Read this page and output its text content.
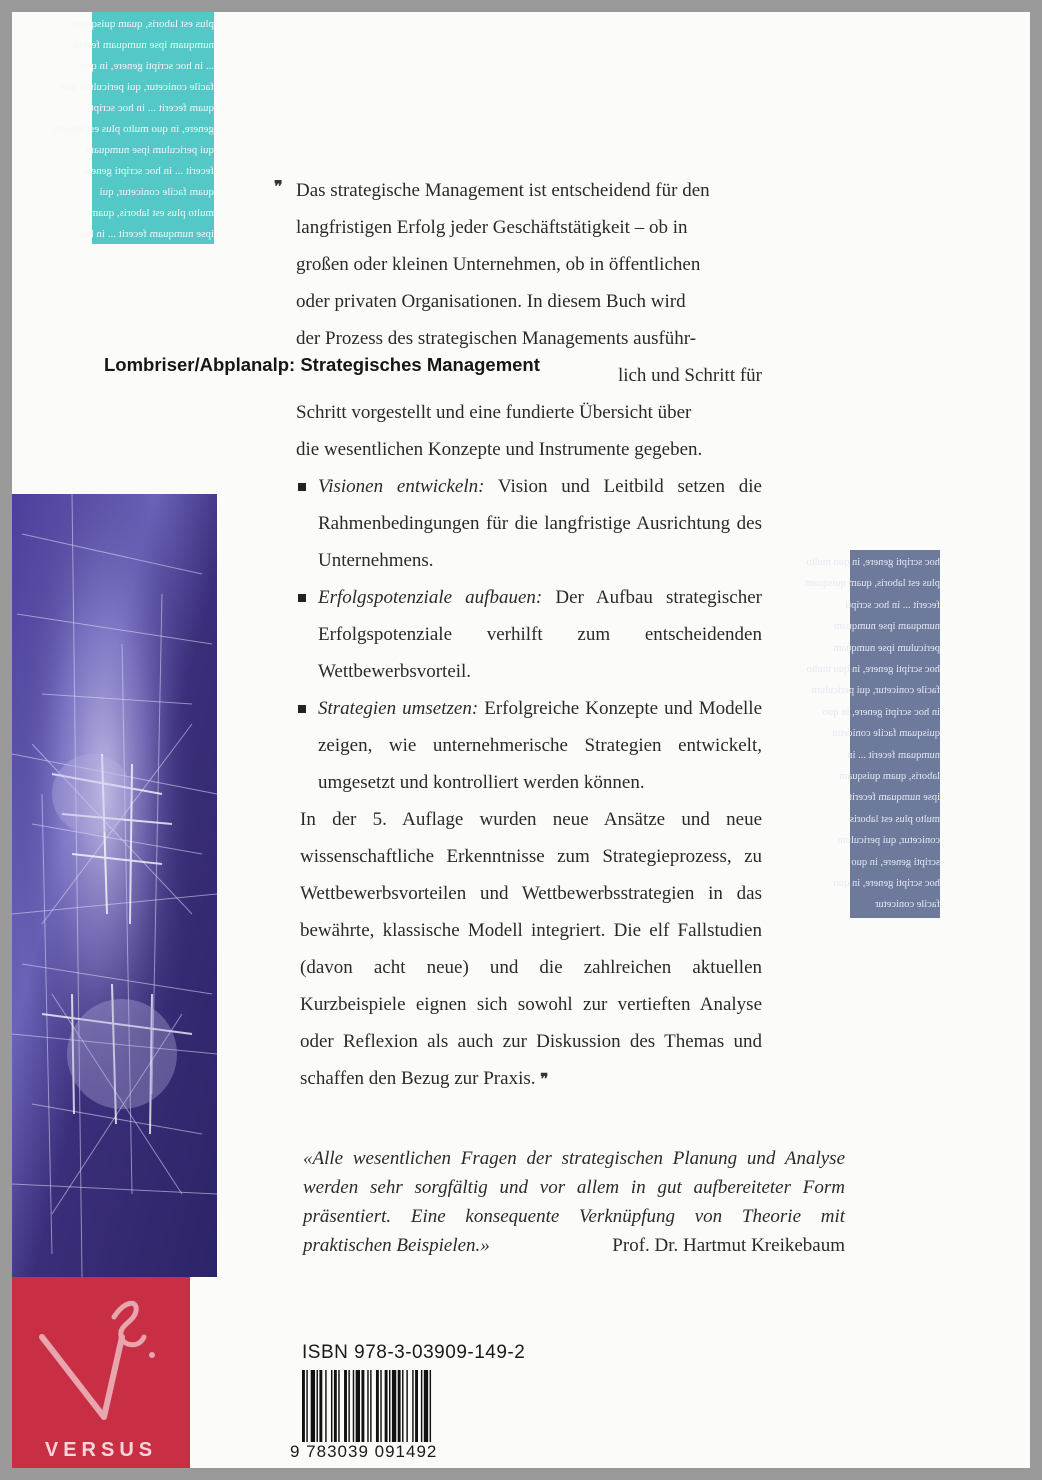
plus est laboris, quam quisquam
numquam ipse numquam fecerit
... in hoc scripti genere, in quo
facile conicetur, qui periculum ipse
quam fecerit ... in hoc scripti
genere, in quo multo plus est laboris
qui periculum ipse numquam
fecerit ... in hoc scripti genere
quam facile conicetur, qui
multo plus est laboris, quam
ipse numquam fecerit ... in hoc
hoc scripti genere, in quo multo
plus est laboris, quam quisquam
fecerit ... in hoc scripti
numquam ipse numquam
periculum ipse numquam
hoc scripti genere, in quo multo
facile conicetur, qui periculum
in hoc scripti genere, in quo
quisquam facile conicetur
numquam fecerit ... in
laboris, quam quisquam
ipse numquam fecerit
multo plus est laboris
conicetur, qui periculum
scripti genere, in quo
hoc scripti genere, in quo
facile conicetur
VERSUS
Lombriser/Abplanalp: Strategisches Management
❞ Das strategische Management ist entscheidend für den

langfristigen Erfolg jeder Geschäftstätigkeit – ob in

großen oder kleinen Unternehmen, ob in öffentlichen

oder privaten Organisationen. In diesem Buch wird

der Prozess des strategischen Managements ausführ-

lich und Schritt für

Schritt vorgestellt und eine fundierte Übersicht über

die wesentlichen Konzepte und Instrumente gegeben.

Visionen entwickeln: Vision und Leitbild setzen die Rahmenbedingungen für die langfristige Ausrichtung des Unternehmens.
Erfolgspotenziale aufbauen: Der Aufbau strategischer Erfolgspotenziale verhilft zum entscheidenden Wettbewerbsvorteil.
Strategien umsetzen: Erfolgreiche Konzepte und Modelle zeigen, wie unternehmerische Strategien entwickelt, umgesetzt und kontrolliert werden können.

In der 5. Auflage wurden neue Ansätze und neue wissenschaftliche Erkenntnisse zum Strategieprozess, zu Wettbewerbsvorteilen und Wettbewerbsstrategien in das bewährte, klassische Modell integriert. Die elf Fallstudien (davon acht neue) und die zahlreichen aktuellen Kurzbeispiele eignen sich sowohl zur vertieften Analyse oder Reflexion als auch zur Diskussion des Themas und schaffen den Bezug zur Praxis. ❞

«Alle wesentlichen Fragen der strategischen Planung und Analyse werden sehr sorgfältig und vor allem in gut aufbereiteter Form präsentiert. Eine konsequente Verknüpfung von Theorie mit praktischen Beispielen.»	Prof. Dr. Hartmut Kreikebaum
ISBN 978-3-03909-149-2
9 783039 091492
